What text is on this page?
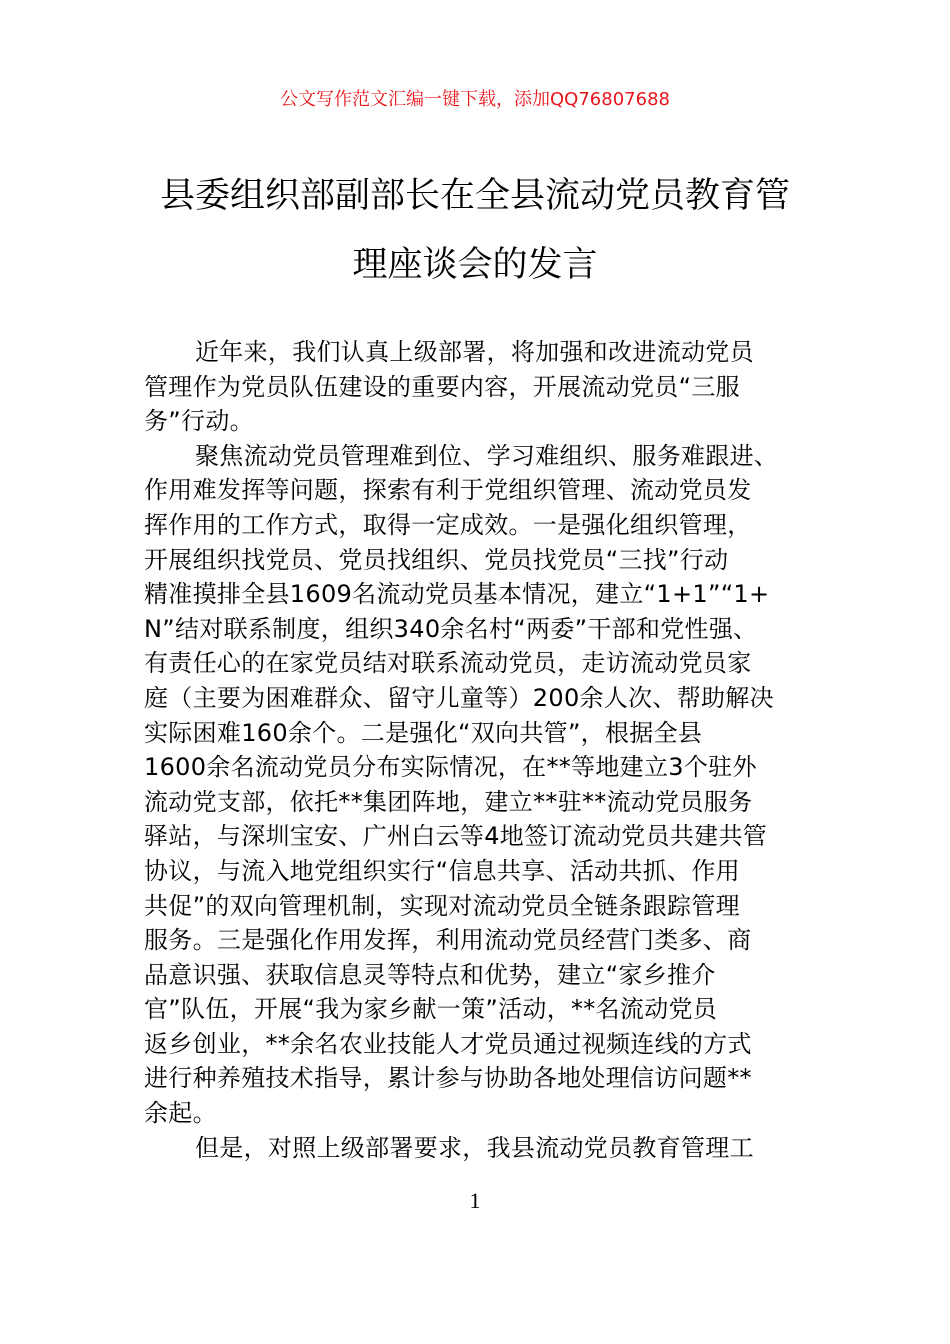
公文写作范文汇编一键下载，添加QQ76807688
县委组织部副部长在全县流动党员教育管
理座谈会的发言
近年来，我们认真上级部署，将加强和改进流动党员
管理作为党员队伍建设的重要内容，开展流动党员“三服
务”行动。
聚焦流动党员管理难到位、学习难组织、服务难跟进、
作用难发挥等问题，探索有利于党组织管理、流动党员发
挥作用的工作方式，取得一定成效。一是强化组织管理，
开展组织找党员、党员找组织、党员找党员“三找”行动
精准摸排全县1609名流动党员基本情况，建立“1+1”“1+
N”结对联系制度，组织340余名村“两委”干部和党性强、
有责任心的在家党员结对联系流动党员，走访流动党员家
庭（主要为困难群众、留守儿童等）200余人次、帮助解决
实际困难160余个。二是强化“双向共管”，根据全县
1600余名流动党员分布实际情况，在**等地建立3个驻外
流动党支部，依托**集团阵地，建立**驻**流动党员服务
驿站，与深圳宝安、广州白云等4地签订流动党员共建共管
协议，与流入地党组织实行“信息共享、活动共抓、作用
共促”的双向管理机制，实现对流动党员全链条跟踪管理
服务。三是强化作用发挥，利用流动党员经营门类多、商
品意识强、获取信息灵等特点和优势，建立“家乡推介
官”队伍，开展“我为家乡献一策”活动，**名流动党员
返乡创业，**余名农业技能人才党员通过视频连线的方式
进行种养殖技术指导，累计参与协助各地处理信访问题**
余起。
但是，对照上级部署要求，我县流动党员教育管理工
1
